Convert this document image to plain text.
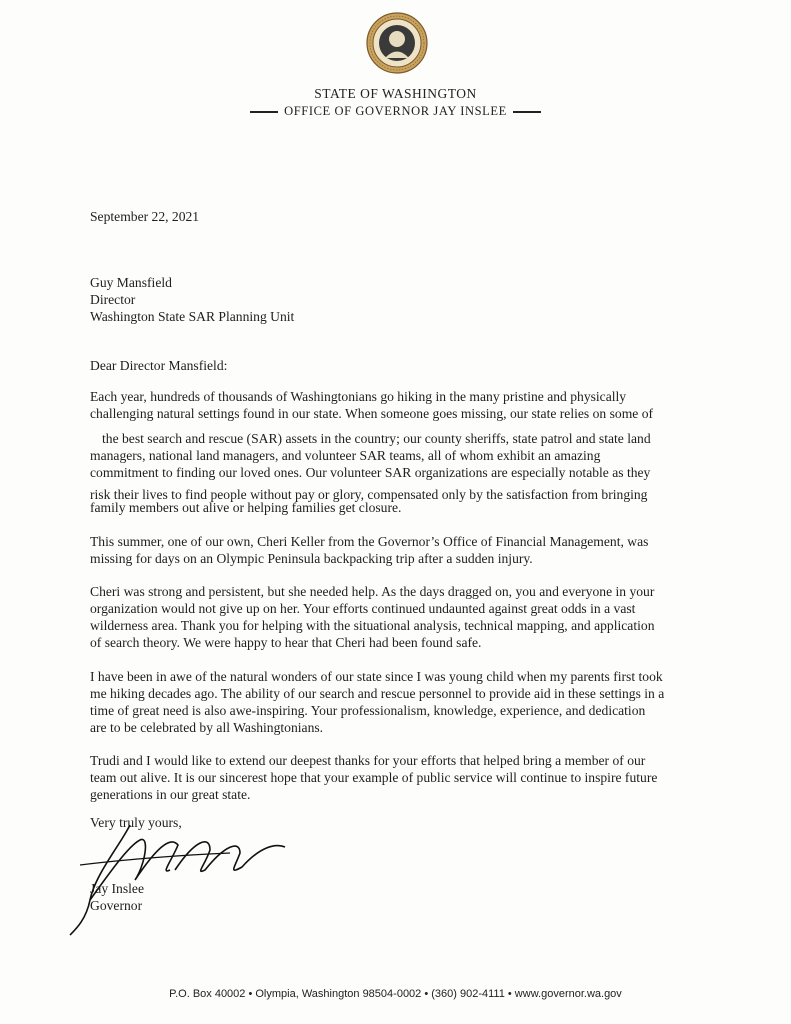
STATE OF WASHINGTON
OFFICE OF GOVERNOR JAY INSLEE
September 22, 2021

Guy Mansfield

Director

Washington State SAR Planning Unit

Dear Director Mansfield:

Each year, hundreds of thousands of Washingtonians go hiking in the many pristine and physically

challenging natural settings found in our state. When someone goes missing, our state relies on some of

the best search and rescue (SAR) assets in the country; our county sheriffs, state patrol and state land

managers, national land managers, and volunteer SAR teams, all of whom exhibit an amazing

commitment to finding our loved ones. Our volunteer SAR organizations are especially notable as they

risk their lives to find people without pay or glory, compensated only by the satisfaction from bringing

family members out alive or helping families get closure.

This summer, one of our own, Cheri Keller from the Governor’s Office of Financial Management, was

missing for days on an Olympic Peninsula backpacking trip after a sudden injury.

Cheri was strong and persistent, but she needed help. As the days dragged on, you and everyone in your

organization would not give up on her. Your efforts continued undaunted against great odds in a vast

wilderness area. Thank you for helping with the situational analysis, technical mapping, and application

of search theory. We were happy to hear that Cheri had been found safe.

I have been in awe of the natural wonders of our state since I was young child when my parents first took

me hiking decades ago. The ability of our search and rescue personnel to provide aid in these settings in a

time of great need is also awe-inspiring. Your professionalism, knowledge, experience, and dedication

are to be celebrated by all Washingtonians.

Trudi and I would like to extend our deepest thanks for your efforts that helped bring a member of our

team out alive. It is our sincerest hope that your example of public service will continue to inspire future

generations in our great state.

Very truly yours,

Jay Inslee

Governor

P.O. Box 40002 • Olympia, Washington 98504-0002 • (360) 902-4111 • www.governor.wa.gov
